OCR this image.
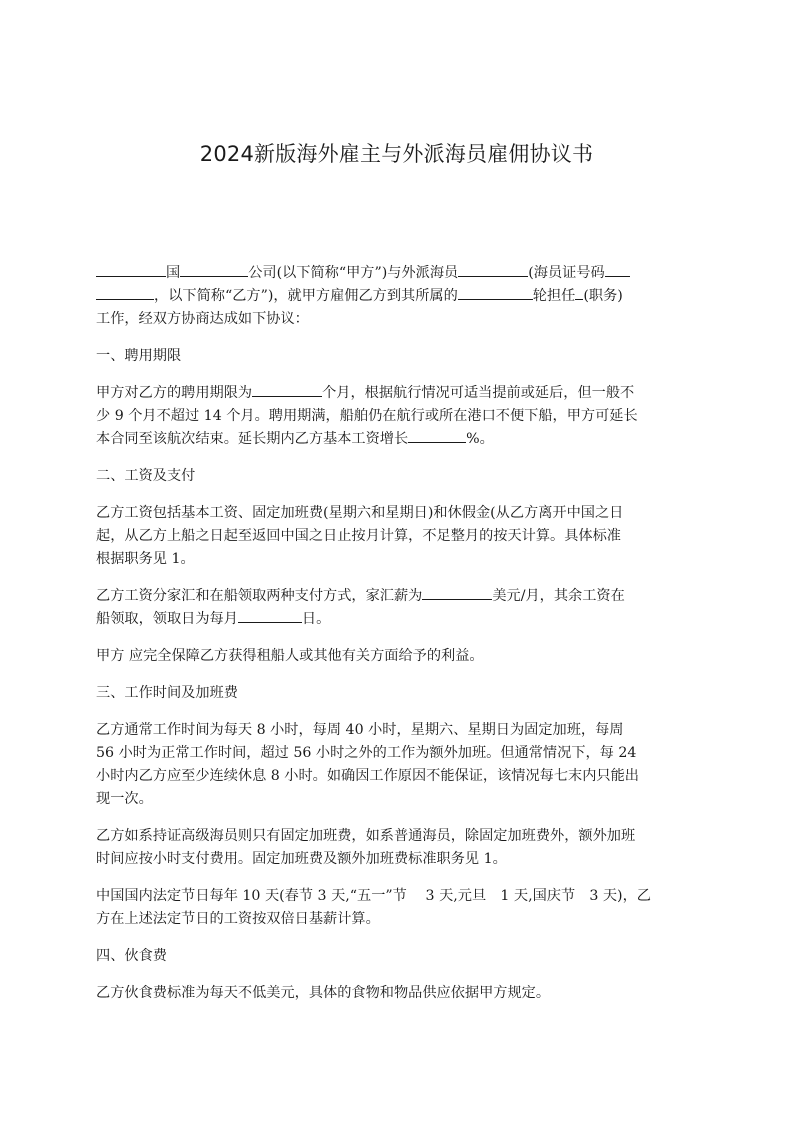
2024新版海外雇主与外派海员雇佣协议书
国	公司(以下简称“甲方”)与外派海员	(海员证号码
，以下简称“乙方”)，就甲方雇佣乙方到其所属的	轮担任 (职务)
工作，经双方协商达成如下协议：
一、聘用期限
甲方对乙方的聘用期限为	个月，根据航行情况可适当提前或延后，但一般不
少 9 个月不超过 14 个月。聘用期满，船舶仍在航行或所在港口不便下船，甲方可延长
本合同至该航次结束。延长期内乙方基本工资增长	%。
二、工资及支付
乙方工资包括基本工资、固定加班费(星期六和星期日)和休假金(从乙方离开中国之日
起，从乙方上船之日起至返回中国之日止按月计算，不足整月的按天计算。具体标准
根据职务见 1。
乙方工资分家汇和在船领取两种支付方式，家汇薪为	美元/月，其余工资在
船领取，领取日为每月	日。
甲方 应完全保障乙方获得租船人或其他有关方面给予的利益。
三、工作时间及加班费
乙方通常工作时间为每天 8 小时，每周 40 小时，星期六、星期日为固定加班，每周
56 小时为正常工作时间，超过 56 小时之外的工作为额外加班。但通常情况下，每 24
小时内乙方应至少连续休息 8 小时。如确因工作原因不能保证，该情况每七末内只能出
现一次。
乙方如系持证高级海员则只有固定加班费，如系普通海员，除固定加班费外，额外加班
时间应按小时支付费用。固定加班费及额外加班费标准职务见 1。
中国国内法定节日每年 10 天(春节 3 天,“五一”节　 3 天,元旦　1 天,国庆节　3 天)，乙
方在上述法定节日的工资按双倍日基薪计算。
四、伙食费
乙方伙食费标准为每天不低美元，具体的食物和物品供应依据甲方规定。
